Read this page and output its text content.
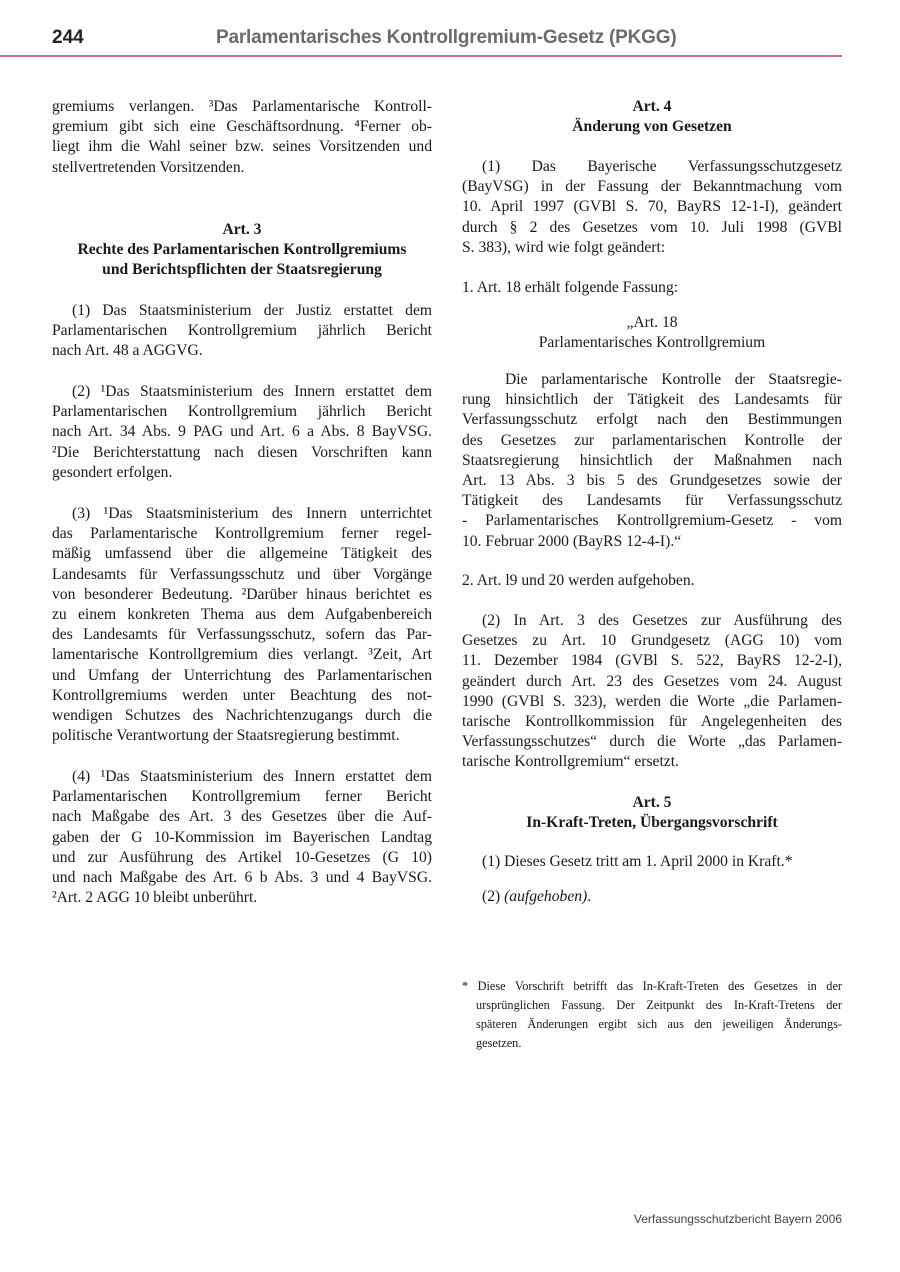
244	Parlamentarisches Kontrollgremium-Gesetz (PKGG)
gremiums verlangen. ³Das Parlamentarische Kontroll-
gremium gibt sich eine Geschäftsordnung. ⁴Ferner ob-
liegt ihm die Wahl seiner bzw. seines Vorsitzenden und
stellvertretenden Vorsitzenden.
Art. 3
Rechte des Parlamentarischen Kontrollgremiums
und Berichtspflichten der Staatsregierung
(1) Das Staatsministerium der Justiz erstattet dem
Parlamentarischen Kontrollgremium jährlich Bericht
nach Art. 48 a AGGVG.
(2) ¹Das Staatsministerium des Innern erstattet dem
Parlamentarischen Kontrollgremium jährlich Bericht
nach Art. 34 Abs. 9 PAG und Art. 6 a Abs. 8 BayVSG.
²Die Berichterstattung nach diesen Vorschriften kann
gesondert erfolgen.
(3) ¹Das Staatsministerium des Innern unterrichtet
das Parlamentarische Kontrollgremium ferner regel-
mäßig umfassend über die allgemeine Tätigkeit des
Landesamts für Verfassungsschutz und über Vorgänge
von besonderer Bedeutung. ²Darüber hinaus berichtet es
zu einem konkreten Thema aus dem Aufgabenbereich
des Landesamts für Verfassungsschutz, sofern das Par-
lamentarische Kontrollgremium dies verlangt. ³Zeit, Art
und Umfang der Unterrichtung des Parlamentarischen
Kontrollgremiums werden unter Beachtung des not-
wendigen Schutzes des Nachrichtenzugangs durch die
politische Verantwortung der Staatsregierung bestimmt.
(4) ¹Das Staatsministerium des Innern erstattet dem
Parlamentarischen Kontrollgremium ferner Bericht
nach Maßgabe des Art. 3 des Gesetzes über die Auf-
gaben der G 10-Kommission im Bayerischen Landtag
und zur Ausführung des Artikel 10-Gesetzes (G 10)
und nach Maßgabe des Art. 6 b Abs. 3 und 4 BayVSG.
²Art. 2 AGG 10 bleibt unberührt.
Art. 4
Änderung von Gesetzen
(1) Das Bayerische Verfassungsschutzgesetz
(BayVSG) in der Fassung der Bekanntmachung vom
10. April 1997 (GVBl S. 70, BayRS 12-1-I), geändert
durch § 2 des Gesetzes vom 10. Juli 1998 (GVBl
S. 383), wird wie folgt geändert:
1. Art. 18 erhält folgende Fassung:
„Art. 18
Parlamentarisches Kontrollgremium
Die parlamentarische Kontrolle der Staatsregie-
rung hinsichtlich der Tätigkeit des Landesamts für
Verfassungsschutz erfolgt nach den Bestimmungen
des Gesetzes zur parlamentarischen Kontrolle der
Staatsregierung hinsichtlich der Maßnahmen nach
Art. 13 Abs. 3 bis 5 des Grundgesetzes sowie der
Tätigkeit des Landesamts für Verfassungsschutz
- Parlamentarisches Kontrollgremium-Gesetz - vom
10. Februar 2000 (BayRS 12-4-I).“
2. Art. l9 und 20 werden aufgehoben.
(2) In Art. 3 des Gesetzes zur Ausführung des
Gesetzes zu Art. 10 Grundgesetz (AGG 10) vom
11. Dezember 1984 (GVBl S. 522, BayRS 12-2-I),
geändert durch Art. 23 des Gesetzes vom 24. August
1990 (GVBl S. 323), werden die Worte „die Parlamen-
tarische Kontrollkommission für Angelegenheiten des
Verfassungsschutzes“ durch die Worte „das Parlamen-
tarische Kontrollgremium“ ersetzt.
Art. 5
In-Kraft-Treten, Übergangsvorschrift
(1) Dieses Gesetz tritt am 1. April 2000 in Kraft.*
(2) (aufgehoben).
* Diese Vorschrift betrifft das In-Kraft-Treten des Gesetzes in der
ursprünglichen Fassung. Der Zeitpunkt des In-Kraft-Tretens der
späteren Änderungen ergibt sich aus den jeweiligen Änderungs-
gesetzen.
Verfassungsschutzbericht Bayern 2006
